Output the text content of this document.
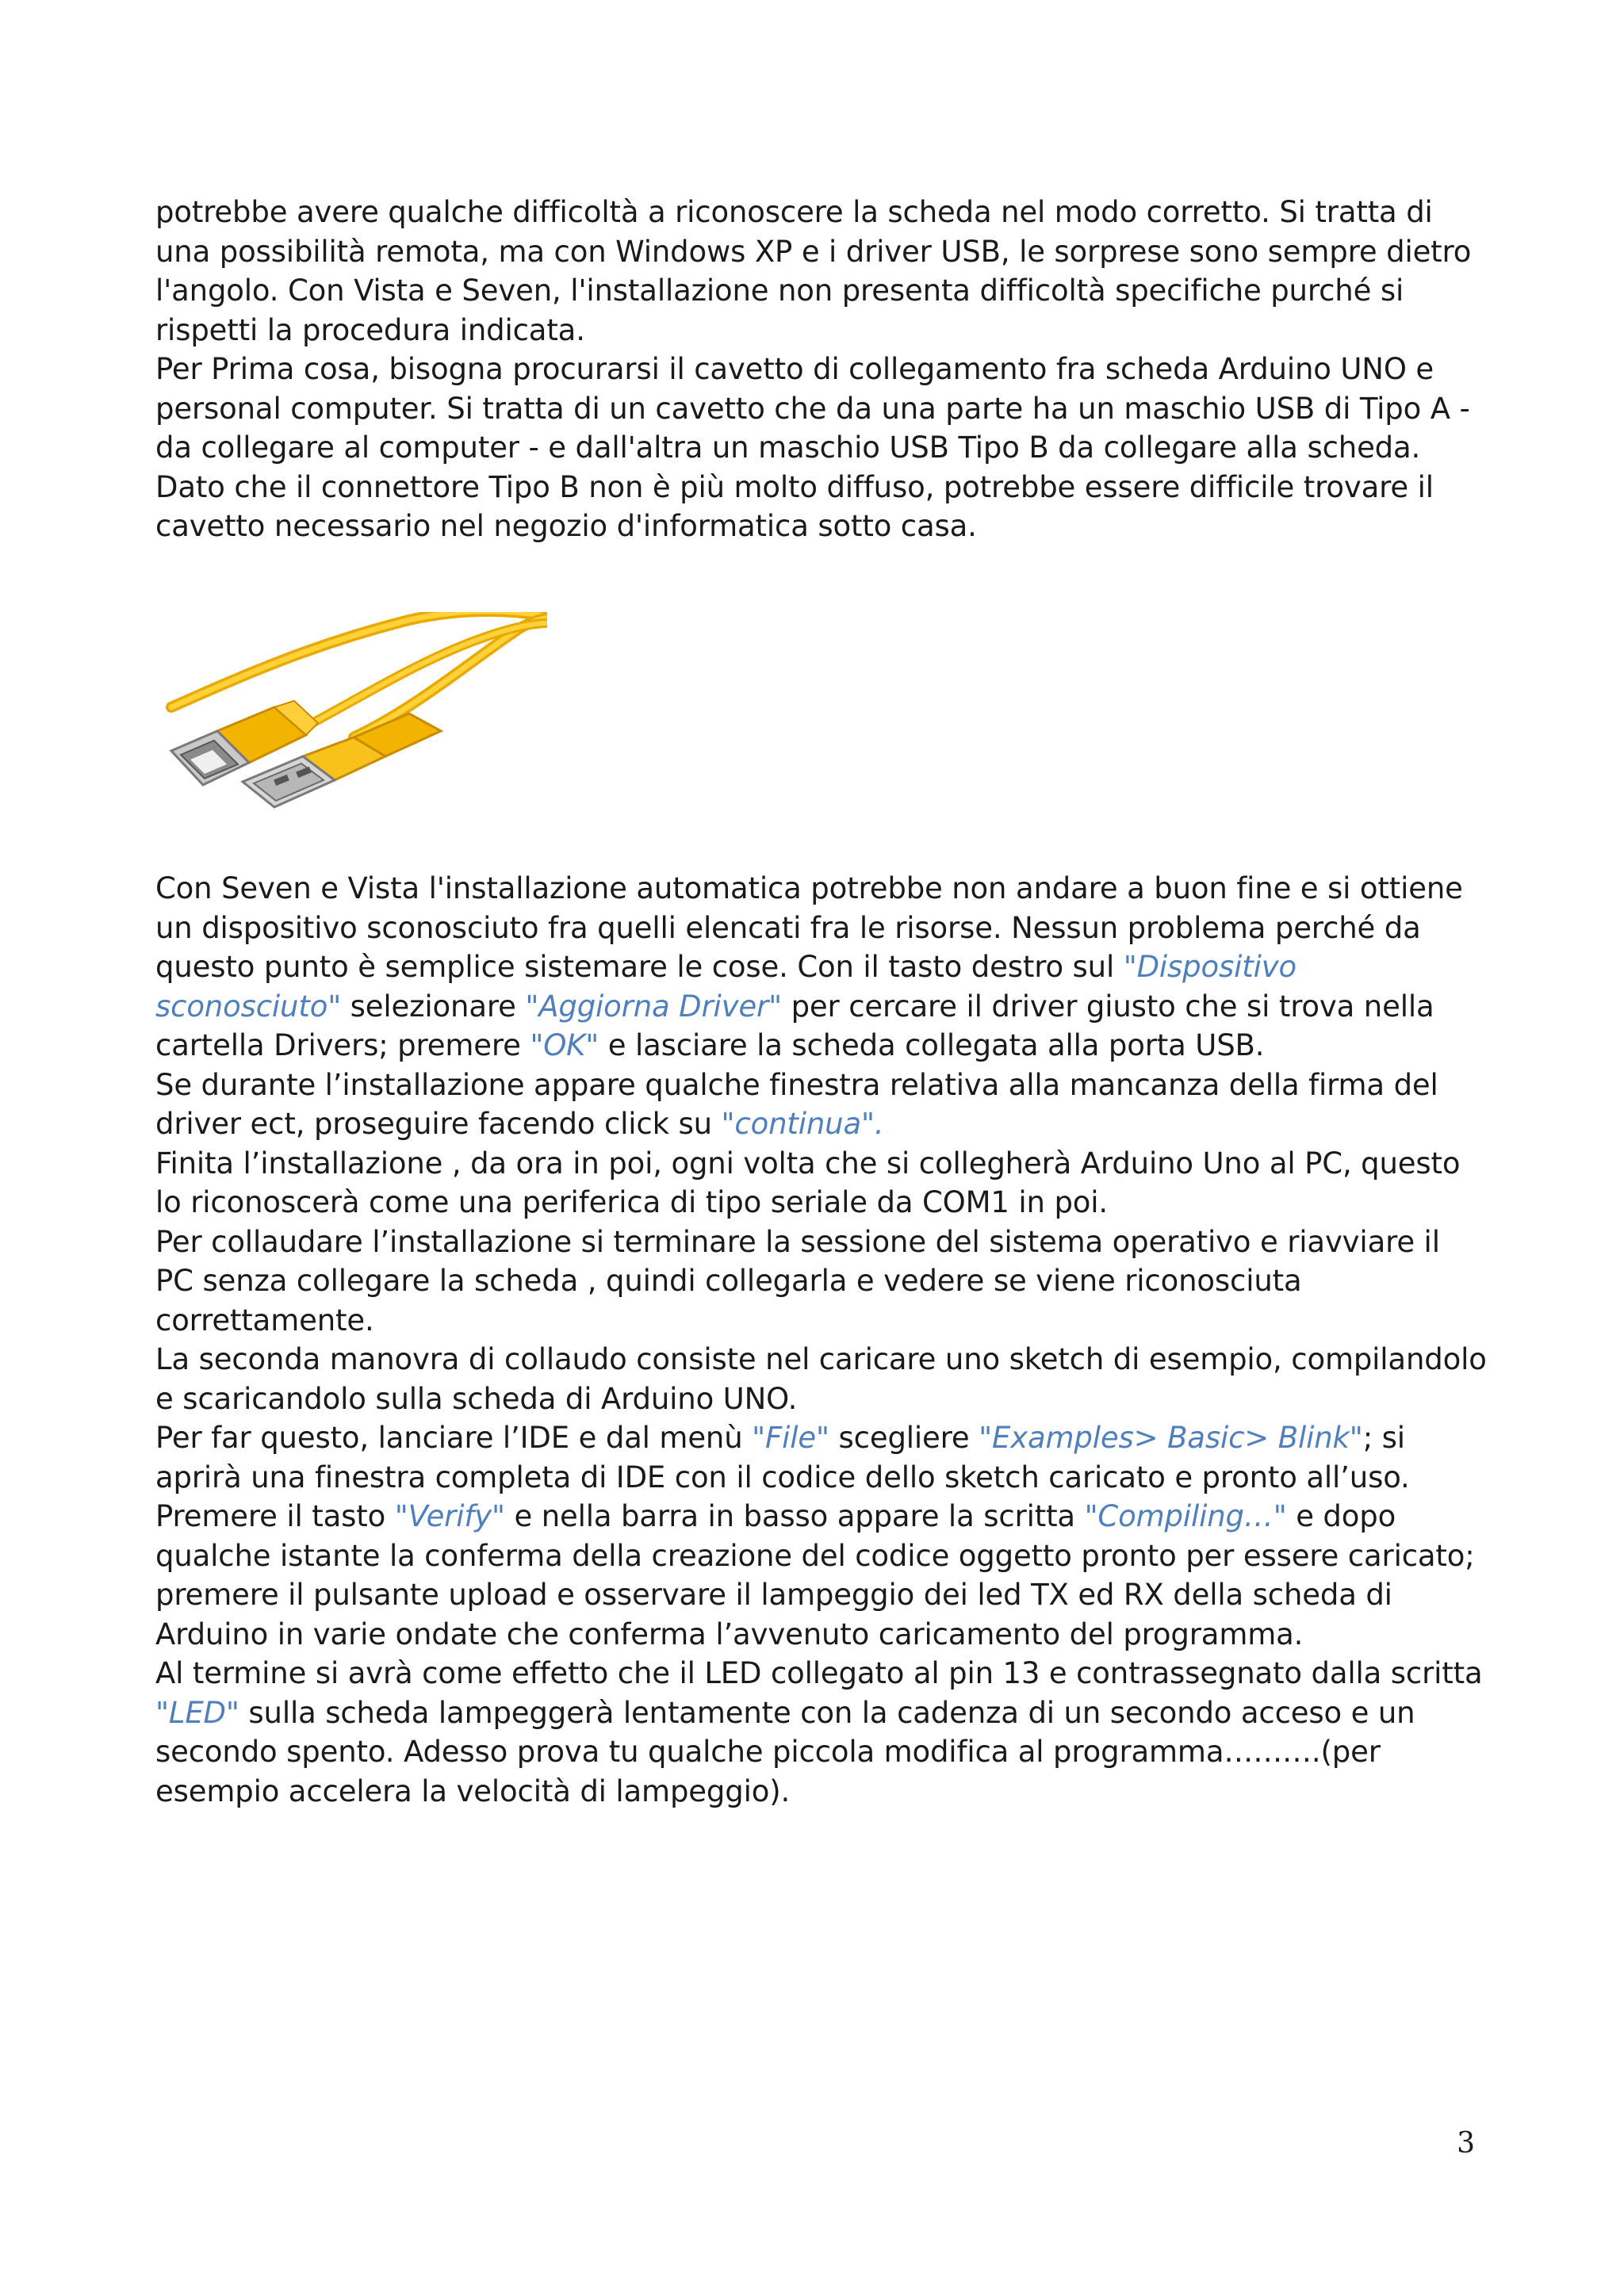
potrebbe avere qualche difficoltà a riconoscere la scheda nel modo corretto. Si tratta di
una possibilità remota, ma con Windows XP e i driver USB, le sorprese sono sempre dietro
l'angolo. Con Vista e Seven, l'installazione non presenta difficoltà specifiche purché si
rispetti la procedura indicata.
Per Prima cosa, bisogna procurarsi il cavetto di collegamento fra scheda Arduino UNO e
personal computer. Si tratta di un cavetto che da una parte ha un maschio USB di Tipo A -
da collegare al computer - e dall'altra un maschio USB Tipo B da collegare alla scheda.
Dato che il connettore Tipo B non è più molto diffuso, potrebbe essere difficile trovare il
cavetto necessario nel negozio d'informatica sotto casa.
Con Seven e Vista l'installazione automatica potrebbe non andare a buon fine e si ottiene
un dispositivo sconosciuto fra quelli elencati fra le risorse. Nessun problema perché da
questo punto è semplice sistemare le cose. Con il tasto destro sul "Dispositivo
sconosciuto" selezionare "Aggiorna Driver" per cercare il driver giusto che si trova nella
cartella Drivers; premere "OK" e lasciare la scheda collegata alla porta USB.
Se durante l’installazione appare qualche finestra relativa alla mancanza della firma del
driver ect, proseguire facendo click su "continua".
Finita l’installazione , da ora in poi, ogni volta che si collegherà Arduino Uno al PC, questo
lo riconoscerà come una periferica di tipo seriale da COM1 in poi.
Per collaudare l’installazione si terminare la sessione del sistema operativo e riavviare il
PC senza collegare la scheda , quindi collegarla e vedere se viene riconosciuta
correttamente.
La seconda manovra di collaudo consiste nel caricare uno sketch di esempio, compilandolo
e scaricandolo sulla scheda di Arduino UNO.
Per far questo, lanciare l’IDE e dal menù "File" scegliere "Examples> Basic> Blink"; si
aprirà una finestra completa di IDE con il codice dello sketch caricato e pronto all’uso.
Premere il tasto "Verify" e nella barra in basso appare la scritta "Compiling…" e dopo
qualche istante la conferma della creazione del codice oggetto pronto per essere caricato;
premere il pulsante upload e osservare il lampeggio dei led TX ed RX della scheda di
Arduino in varie ondate che conferma l’avvenuto caricamento del programma.
Al termine si avrà come effetto che il LED collegato al pin 13 e contrassegnato dalla scritta
"LED" sulla scheda lampeggerà lentamente con la cadenza di un secondo acceso e un
secondo spento. Adesso prova tu qualche piccola modifica al programma……….(per
esempio accelera la velocità di lampeggio).
3
